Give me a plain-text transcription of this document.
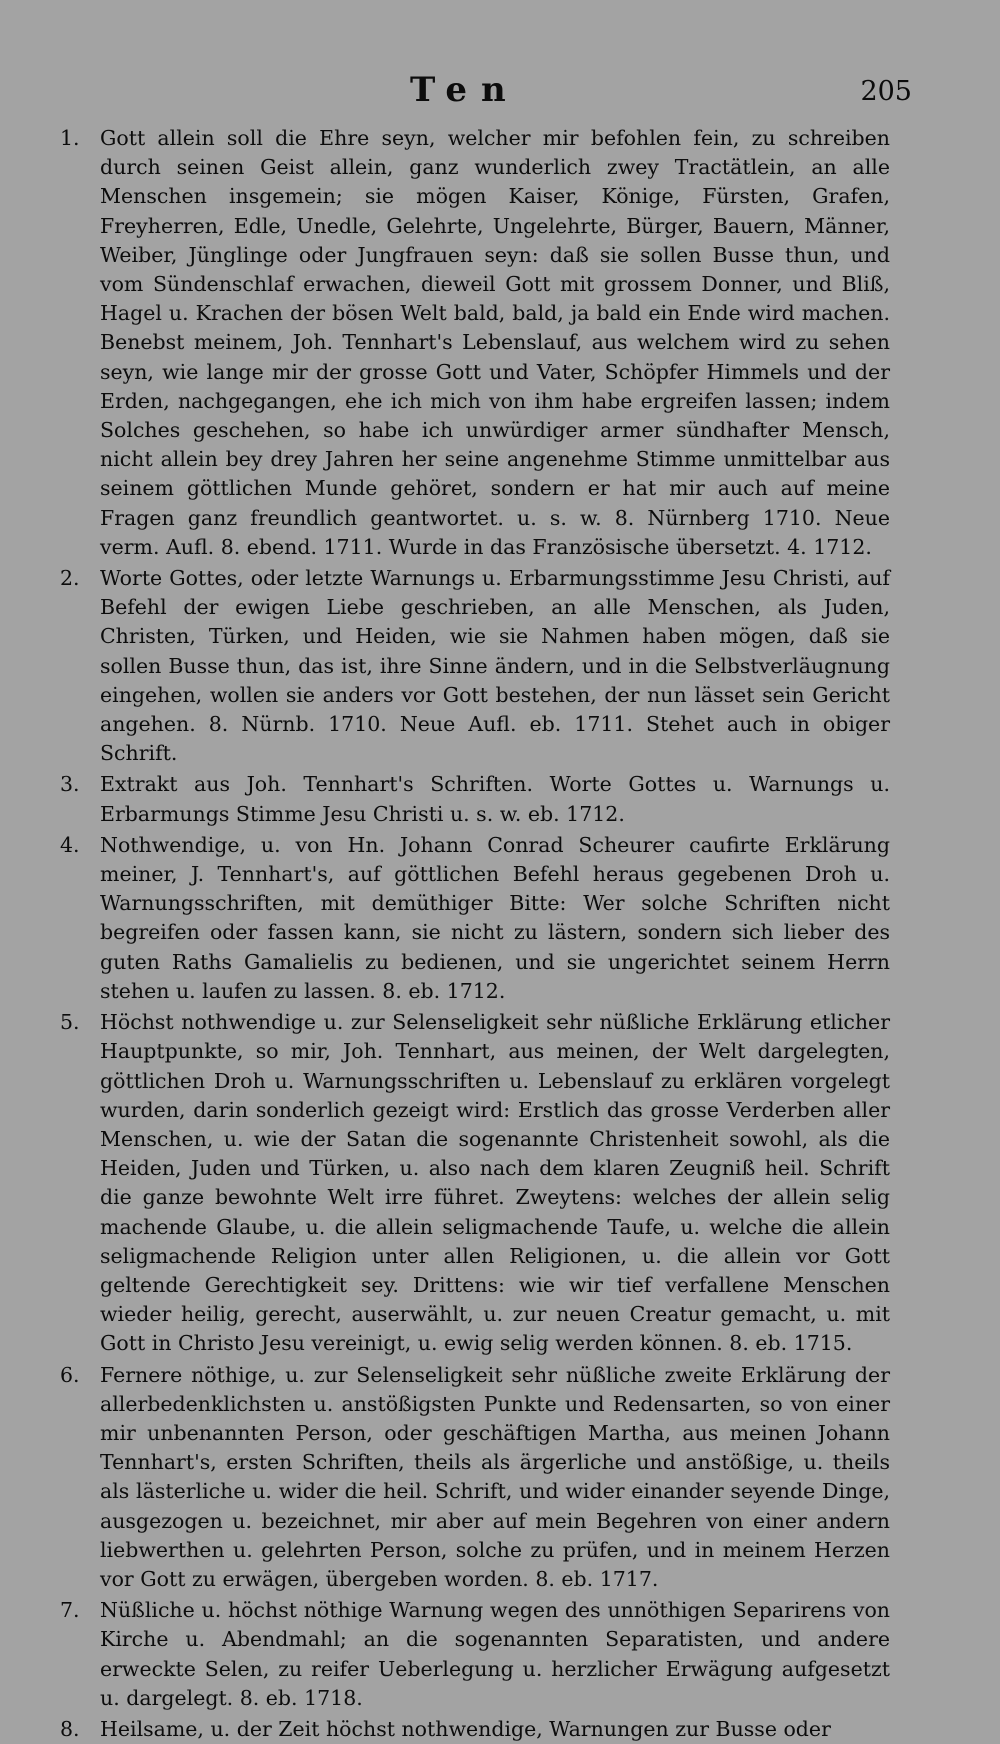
Ten	205
1. Gott allein soll die Ehre seyn, welcher mir befohlen fein, zu schreiben durch seinen Geist allein, ganz wunderlich zwey Tractätlein, an alle Menschen insgemein; sie mögen Kaiser, Könige, Fürsten, Grafen, Freyherren, Edle, Unedle, Gelehrte, Ungelehrte, Bürger, Bauern, Männer, Weiber, Jünglinge oder Jungfrauen seyn: daß sie sollen Busse thun, und vom Sündenschlaf erwachen, dieweil Gott mit grossem Donner, und Bliß, Hagel u. Krachen der bösen Welt bald, bald, ja bald ein Ende wird machen. Benebst meinem, Joh. Tennhart's Lebenslauf, aus welchem wird zu sehen seyn, wie lange mir der grosse Gott und Vater, Schöpfer Himmels und der Erden, nachgegangen, ehe ich mich von ihm habe ergreifen lassen; indem Solches geschehen, so habe ich unwürdiger armer sündhafter Mensch, nicht allein bey drey Jahren her seine angenehme Stimme unmittelbar aus seinem göttlichen Munde gehöret, sondern er hat mir auch auf meine Fragen ganz freundlich geantwortet. u. s. w. 8. Nürnberg 1710. Neue verm. Aufl. 8. ebend. 1711. Wurde in das Französische übersetzt. 4. 1712.

2. Worte Gottes, oder letzte Warnungs u. Erbarmungsstimme Jesu Christi, auf Befehl der ewigen Liebe geschrieben, an alle Menschen, als Juden, Christen, Türken, und Heiden, wie sie Nahmen haben mögen, daß sie sollen Busse thun, das ist, ihre Sinne ändern, und in die Selbstverläugnung eingehen, wollen sie anders vor Gott bestehen, der nun lässet sein Gericht angehen. 8. Nürnb. 1710. Neue Aufl. eb. 1711. Stehet auch in obiger Schrift.

3. Extrakt aus Joh. Tennhart's Schriften. Worte Gottes u. Warnungs u. Erbarmungs Stimme Jesu Christi u. s. w. eb. 1712.

4. Nothwendige, u. von Hn. Johann Conrad Scheurer caufirte Erklärung meiner, J. Tennhart's, auf göttlichen Befehl heraus gegebenen Droh u. Warnungsschriften, mit demüthiger Bitte: Wer solche Schriften nicht begreifen oder fassen kann, sie nicht zu lästern, sondern sich lieber des guten Raths Gamalielis zu bedienen, und sie ungerichtet seinem Herrn stehen u. laufen zu lassen. 8. eb. 1712.

5. Höchst nothwendige u. zur Selenseligkeit sehr nüßliche Erklärung etlicher Hauptpunkte, so mir, Joh. Tennhart, aus meinen, der Welt dargelegten, göttlichen Droh u. Warnungsschriften u. Lebenslauf zu erklären vorgelegt wurden, darin sonderlich gezeigt wird: Erstlich das grosse Verderben aller Menschen, u. wie der Satan die sogenannte Christenheit sowohl, als die Heiden, Juden und Türken, u. also nach dem klaren Zeugniß heil. Schrift die ganze bewohnte Welt irre führet. Zweytens: welches der allein selig machende Glaube, u. die allein seligmachende Taufe, u. welche die allein seligmachende Religion unter allen Religionen, u. die allein vor Gott geltende Gerechtigkeit sey. Drittens: wie wir tief verfallene Menschen wieder heilig, gerecht, auserwählt, u. zur neuen Creatur gemacht, u. mit Gott in Christo Jesu vereinigt, u. ewig selig werden können. 8. eb. 1715.

6. Fernere nöthige, u. zur Selenseligkeit sehr nüßliche zweite Erklärung der allerbedenklichsten u. anstößigsten Punkte und Redensarten, so von einer mir unbenannten Person, oder geschäftigen Martha, aus meinen Johann Tennhart's, ersten Schriften, theils als ärgerliche und anstößige, u. theils als lästerliche u. wider die heil. Schrift, und wider einander seyende Dinge, ausgezogen u. bezeichnet, mir aber auf mein Begehren von einer andern liebwerthen u. gelehrten Person, solche zu prüfen, und in meinem Herzen vor Gott zu erwägen, übergeben worden. 8. eb. 1717.

7. Nüßliche u. höchst nöthige Warnung wegen des unnöthigen Separirens von Kirche u. Abendmahl; an die sogenannten Separatisten, und andere erweckte Selen, zu reifer Ueberlegung u. herzlicher Erwägung aufgesetzt u. dargelegt. 8. eb. 1718.

8. Heilsame, u. der Zeit höchst nothwendige, Warnungen zur Busse oder
